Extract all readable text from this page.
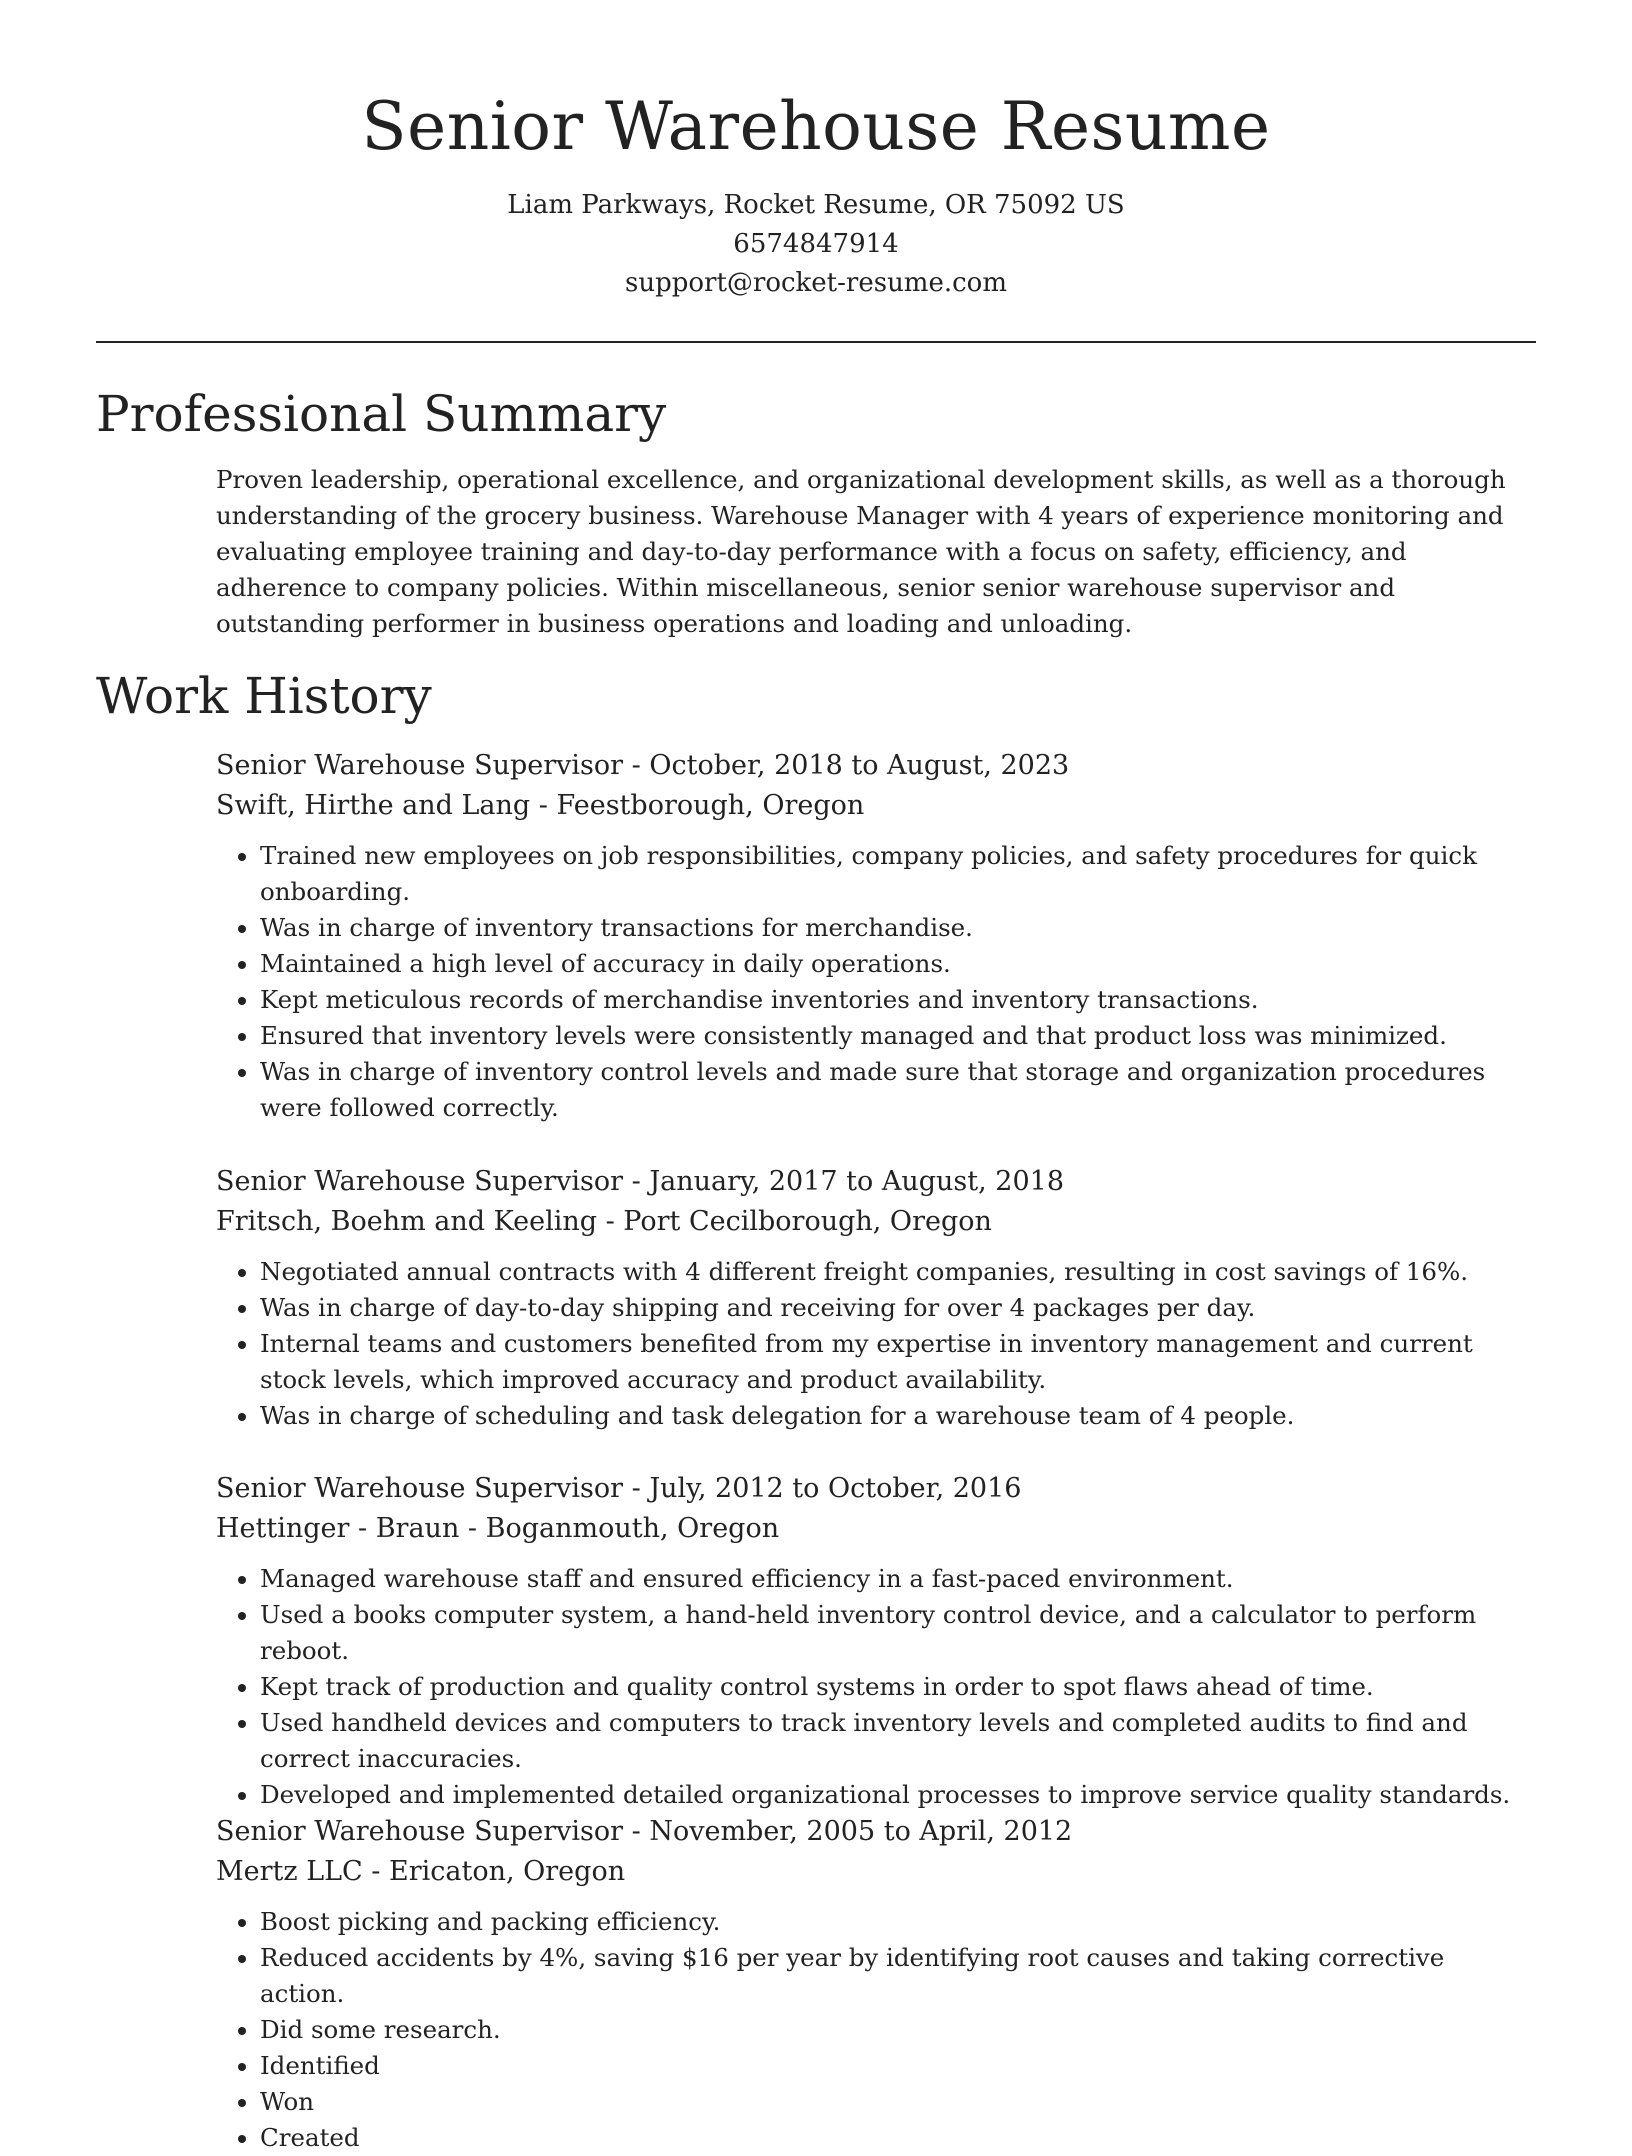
Senior Warehouse Resume
Liam Parkways, Rocket Resume, OR 75092 US
6574847914
support@rocket-resume.com
Professional Summary

Proven leadership, operational excellence, and organizational development skills, as well as a thorough understanding of the grocery business. Warehouse Manager with 4 years of experience monitoring and evaluating employee training and day-to-day performance with a focus on safety, efficiency, and adherence to company policies. Within miscellaneous, senior senior warehouse supervisor and outstanding performer in business operations and loading and unloading.

Work History
Senior Warehouse Supervisor - October, 2018 to August, 2023
Swift, Hirthe and Lang - Feestborough, Oregon
• Trained new employees on job responsibilities, company policies, and safety procedures for quick onboarding.
• Was in charge of inventory transactions for merchandise.
• Maintained a high level of accuracy in daily operations.
• Kept meticulous records of merchandise inventories and inventory transactions.
• Ensured that inventory levels were consistently managed and that product loss was minimized.
• Was in charge of inventory control levels and made sure that storage and organization procedures were followed correctly.
Senior Warehouse Supervisor - January, 2017 to August, 2018
Fritsch, Boehm and Keeling - Port Cecilborough, Oregon
• Negotiated annual contracts with 4 different freight companies, resulting in cost savings of 16%.
• Was in charge of day-to-day shipping and receiving for over 4 packages per day.
• Internal teams and customers benefited from my expertise in inventory management and current stock levels, which improved accuracy and product availability.
• Was in charge of scheduling and task delegation for a warehouse team of 4 people.
Senior Warehouse Supervisor - July, 2012 to October, 2016
Hettinger - Braun - Boganmouth, Oregon
• Managed warehouse staff and ensured efficiency in a fast-paced environment.
• Used a books computer system, a hand-held inventory control device, and a calculator to perform reboot.
• Kept track of production and quality control systems in order to spot flaws ahead of time.
• Used handheld devices and computers to track inventory levels and completed audits to find and correct inaccuracies.
• Developed and implemented detailed organizational processes to improve service quality standards.
Senior Warehouse Supervisor - November, 2005 to April, 2012
Mertz LLC - Ericaton, Oregon
• Boost picking and packing efficiency.
• Reduced accidents by 4%, saving $16 per year by identifying root causes and taking corrective action.
• Did some research.
• Identified
• Won
• Created
